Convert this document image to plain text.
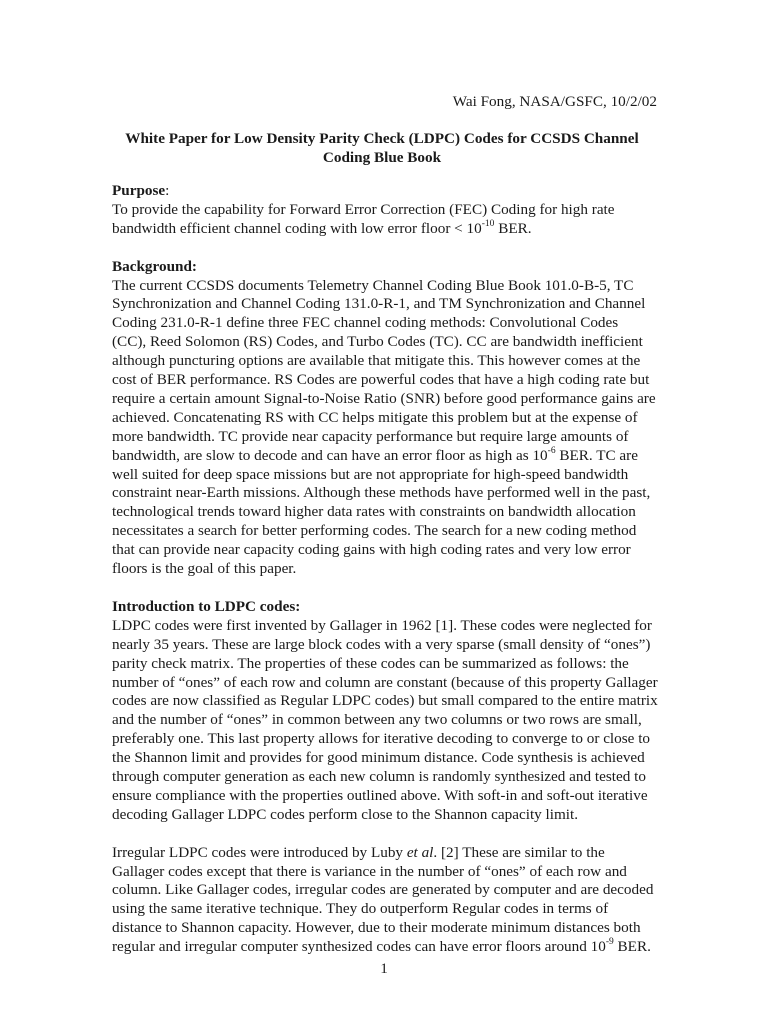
Wai Fong, NASA/GSFC, 10/2/02
White Paper for Low Density Parity Check (LDPC) Codes for CCSDS Channel
Coding Blue Book

Purpose:

To provide the capability for Forward Error Correction (FEC) Coding for high rate

bandwidth efficient channel coding with low error floor < $10^{-10}$ BER.

Background:

The current CCSDS documents Telemetry Channel Coding Blue Book 101.0-B-5, TC

Synchronization and Channel Coding 131.0-R-1, and TM Synchronization and Channel

Coding 231.0-R-1 define three FEC channel coding methods: Convolutional Codes

(CC), Reed Solomon (RS) Codes, and Turbo Codes (TC). CC are bandwidth inefficient

although puncturing options are available that mitigate this. This however comes at the

cost of BER performance. RS Codes are powerful codes that have a high coding rate but

require a certain amount Signal-to-Noise Ratio (SNR) before good performance gains are

achieved. Concatenating RS with CC helps mitigate this problem but at the expense of

more bandwidth. TC provide near capacity performance but require large amounts of

bandwidth, are slow to decode and can have an error floor as high as $10^{-6}$ BER. TC are

well suited for deep space missions but are not appropriate for high-speed bandwidth

constraint near-Earth missions. Although these methods have performed well in the past,

technological trends toward higher data rates with constraints on bandwidth allocation

necessitates a search for better performing codes. The search for a new coding method

that can provide near capacity coding gains with high coding rates and very low error

floors is the goal of this paper.

Introduction to LDPC codes:

LDPC codes were first invented by Gallager in 1962 [1]. These codes were neglected for

nearly 35 years. These are large block codes with a very sparse (small density of “ones”)

parity check matrix. The properties of these codes can be summarized as follows: the

number of “ones” of each row and column are constant (because of this property Gallager

codes are now classified as Regular LDPC codes) but small compared to the entire matrix

and the number of “ones” in common between any two columns or two rows are small,

preferably one. This last property allows for iterative decoding to converge to or close to

the Shannon limit and provides for good minimum distance. Code synthesis is achieved

through computer generation as each new column is randomly synthesized and tested to

ensure compliance with the properties outlined above. With soft-in and soft-out iterative

decoding Gallager LDPC codes perform close to the Shannon capacity limit.

Irregular LDPC codes were introduced by Luby et al. [2] These are similar to the

Gallager codes except that there is variance in the number of “ones” of each row and

column. Like Gallager codes, irregular codes are generated by computer and are decoded

using the same iterative technique. They do outperform Regular codes in terms of

distance to Shannon capacity. However, due to their moderate minimum distances both

regular and irregular computer synthesized codes can have error floors around $10^{-9}$ BER.

1
